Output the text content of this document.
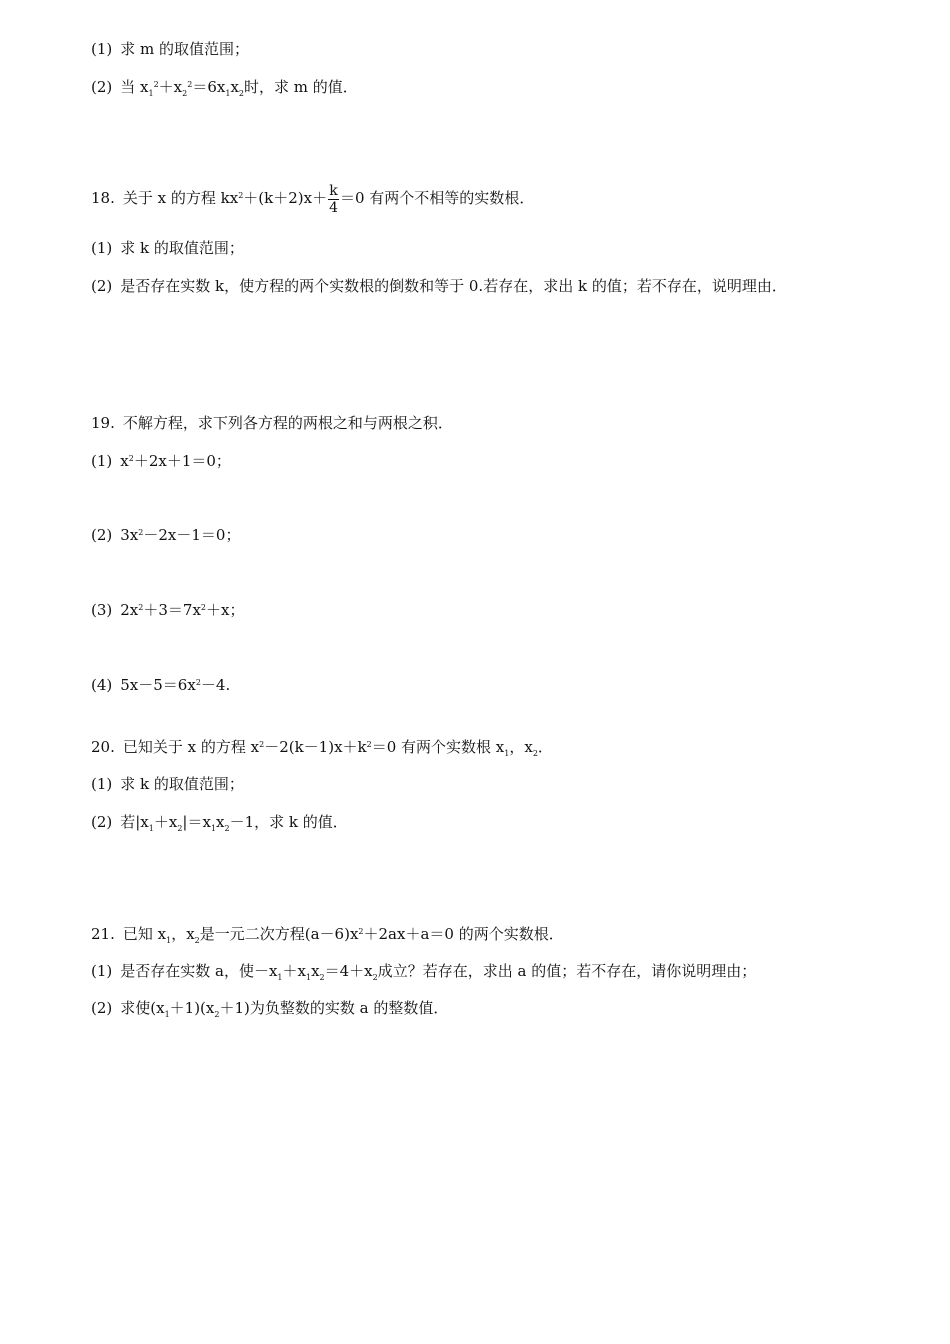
(1) 求 m 的取值范围；
(2) 当 $x_1^2+x_2^2=6x_1x_2$时，求 m 的值．
18. 关于 x 的方程 $kx^2+(k+2)x+ \frac{k}{4} =0$ 有两个不相等的实数根．
(1) 求 k 的取值范围；
(2) 是否存在实数 k，使方程的两个实数根的倒数和等于 0.若存在，求出 k 的值；若不存在，说明理由．
19. 不解方程，求下列各方程的两根之和与两根之积．
(1) $x^2+2x+1=0$；
(2) $3x^2-2x-1=0$；
(3) $2x^2+3=7x^2+x$；
(4) $5x-5=6x^2-4$.
20. 已知关于 x 的方程 $x^2-2(k-1)x+k^2=0$ 有两个实数根 $x_1$，$x_2$．
(1) 求 k 的取值范围；
(2) 若$|x_1+x_2|=x_1x_2-1$，求 k 的值．
21. 已知 $x_1$，$x_2$是一元二次方程$(a-6)x^2+2ax+a=0$ 的两个实数根．
(1) 是否存在实数 a，使$-x_1+x_1x_2=4+x_2$成立？若存在，求出 a 的值；若不存在，请你说明理由；
(2) 求使$(x_1+1)(x_2+1)$为负整数的实数 a 的整数值．
